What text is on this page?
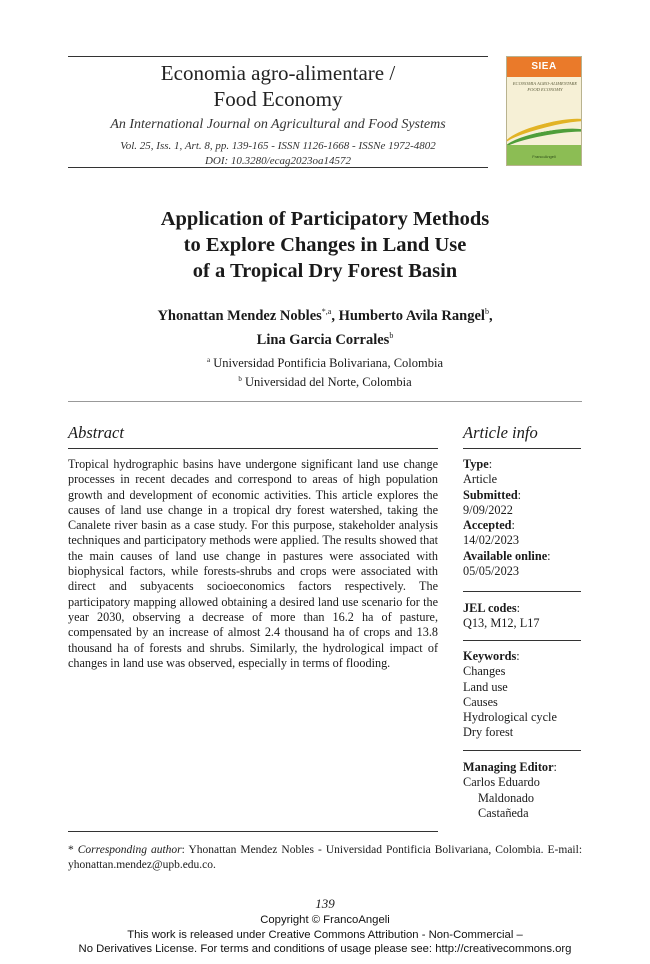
Economia agro-alimentare /
Food Economy
An International Journal on Agricultural and Food Systems
Vol. 25, Iss. 1, Art. 8, pp. 139-165 - ISSN 1126-1668 - ISSNe 1972-4802
DOI: 10.3280/ecag2023oa14572
SIEA
ECONOMIA AGRO-ALIMENTARE FOOD ECONOMY
FrancoAngeli
Application of Participatory Methods
to Explore Changes in Land Use
of a Tropical Dry Forest Basin
Yhonattan Mendez Nobles$^{*,a}$, Humberto Avila Rangel$^b$,
Lina Garcia Corrales$^b$
$^a$ Universidad Pontificia Bolivariana, Colombia
$^b$ Universidad del Norte, Colombia
Abstract
Tropical hydrographic basins have undergone significant land use change processes in recent decades and correspond to areas of high population growth and development of economic activities. This article explores the causes of land use change in a tropical dry forest watershed, taking the Canalete river basin as a case study. For this purpose, stakeholder analysis techniques and participatory methods were applied. The results showed that the main causes of land use change in pastures were associated with biophysical factors, while forests-shrubs and crops were associated with direct and subyacents socioeconomics factors respectively. The participatory mapping allowed obtaining a desired land use scenario for the year 2030, observing a decrease of more than 16.2 ha of pasture, compensated by an increase of almost 2.4 thousand ha of crops and 13.8 thousand ha of forests and shrubs. Similarly, the hydrological impact of changes in land use was observed, especially in terms of flooding.
Article info
Type:
Article
Submitted:
9/09/2022
Accepted:
14/02/2023
Available online:
05/05/2023
JEL codes:
Q13, M12, L17
Keywords:
Changes
Land use
Causes
Hydrological cycle
Dry forest
Managing Editor:
Carlos Eduardo
Maldonado
Castañeda
* Corresponding author: Yhonattan Mendez Nobles - Universidad Pontificia Bolivariana, Colombia. E-mail: yhonattan.mendez@upb.edu.co.
139
Copyright © FrancoAngeli
This work is released under Creative Commons Attribution - Non-Commercial –
No Derivatives License. For terms and conditions of usage please see: http://creativecommons.org
